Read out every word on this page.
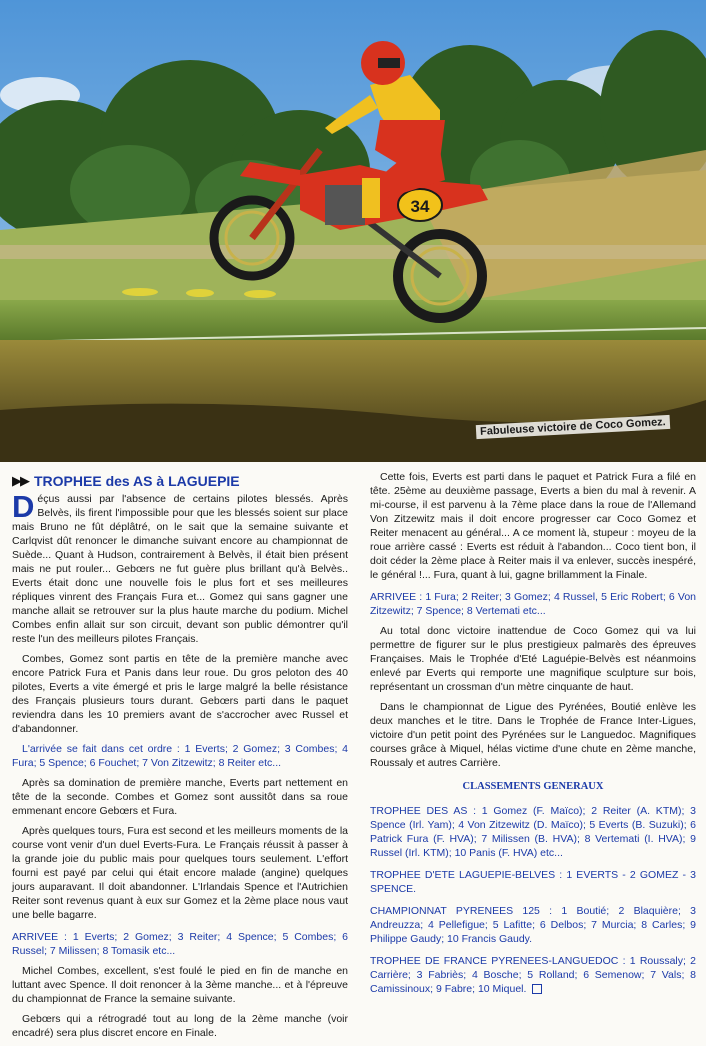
34
Fabuleuse victoire de Coco Gomez.
▶▶ TROPHEE des AS à LAGUEPIE

Déçus aussi par l'absence de certains pilotes blessés. Après Belvès, ils firent l'impossible pour que les blessés soient sur place mais Bruno ne fût déplâtré, on le sait que la semaine suivante et Carlqvist dût renoncer le dimanche suivant encore au championnat de Suède... Quant à Hudson, contrairement à Belvès, il était bien présent mais ne put rouler... Gebœrs ne fut guère plus brillant qu'à Belvès.. Everts était donc une nouvelle fois le plus fort et ses meilleures répliques vinrent des Français Fura et... Gomez qui sans gagner une manche allait se retrouver sur la plus haute marche du podium. Michel Combes enfin allait sur son circuit, devant son public démontrer qu'il reste l'un des meilleurs pilotes Français.

Combes, Gomez sont partis en tête de la première manche avec encore Patrick Fura et Panis dans leur roue. Du gros peloton des 40 pilotes, Everts a vite émergé et pris le large malgré la belle résistance des Français plusieurs tours durant. Gebœrs parti dans le paquet reviendra dans les 10 premiers avant de s'accrocher avec Russel et d'abandonner.

L'arrivée se fait dans cet ordre : 1 Everts; 2 Gomez; 3 Combes; 4 Fura; 5 Spence; 6 Fouchet; 7 Von Zitzewitz; 8 Reiter etc...

Après sa domination de première manche, Everts part nettement en tête de la seconde. Combes et Gomez sont aussitôt dans sa roue emmenant encore Gebœrs et Fura.

Après quelques tours, Fura est second et les meilleurs moments de la course vont venir d'un duel Everts-Fura. Le Français réussit à passer à la grande joie du public mais pour quelques tours seulement. L'effort fourni est payé par celui qui était encore malade (angine) quelques jours auparavant. Il doit abandonner. L'Irlandais Spence et l'Autrichien Reiter sont revenus quant à eux sur Gomez et la 2ème place nous vaut une belle bagarre.

ARRIVEE : 1 Everts; 2 Gomez; 3 Reiter; 4 Spence; 5 Combes; 6 Russel; 7 Milissen; 8 Tomasik etc...

Michel Combes, excellent, s'est foulé le pied en fin de manche en luttant avec Spence. Il doit renoncer à la 3ème manche... et à l'épreuve du championnat de France la semaine suivante.

Gebœrs qui a rétrogradé tout au long de la 2ème manche (voir encadré) sera plus discret encore en Finale.

Cette fois, Everts est parti dans le paquet et Patrick Fura a filé en tête. 25ème au deuxième passage, Everts a bien du mal à revenir. A mi-course, il est parvenu à la 7ème place dans la roue de l'Allemand Von Zitzewitz mais il doit encore progresser car Coco Gomez et Reiter menacent au général... A ce moment là, stupeur : moyeu de la roue arrière cassé : Everts est réduit à l'abandon... Coco tient bon, il doit céder la 2ème place à Reiter mais il va enlever, succès inespéré, le général !... Fura, quant à lui, gagne brillamment la Finale.

ARRIVEE : 1 Fura; 2 Reiter; 3 Gomez; 4 Russel, 5 Eric Robert; 6 Von Zitzewitz; 7 Spence; 8 Vertemati etc...

Au total donc victoire inattendue de Coco Gomez qui va lui permettre de figurer sur le plus prestigieux palmarès des épreuves Françaises. Mais le Trophée d'Eté Laguépie-Belvès est néanmoins enlevé par Everts qui remporte une magnifique sculpture sur bois, représentant un crossman d'un mètre cinquante de haut.

Dans le championnat de Ligue des Pyrénées, Boutié enlève les deux manches et le titre. Dans le Trophée de France Inter-Ligues, victoire d'un petit point des Pyrénées sur le Languedoc. Magnifiques courses grâce à Miquel, hélas victime d'une chute en 2ème manche, Roussaly et autres Carrière.

CLASSEMENTS GENERAUX

TROPHEE DES AS : 1 Gomez (F. Maïco); 2 Reiter (A. KTM); 3 Spence (Irl. Yam); 4 Von Zitzewitz (D. Maïco); 5 Everts (B. Suzuki); 6 Patrick Fura (F. HVA); 7 Milissen (B. HVA); 8 Vertemati (I. HVA); 9 Russel (Irl. KTM); 10 Panis (F. HVA) etc...

TROPHEE D'ETE LAGUEPIE-BELVES : 1 EVERTS - 2 GOMEZ - 3 SPENCE.

CHAMPIONNAT PYRENEES 125 : 1 Boutié; 2 Blaquière; 3 Andreuzza; 4 Pellefigue; 5 Lafitte; 6 Delbos; 7 Murcia; 8 Carles; 9 Philippe Gaudy; 10 Francis Gaudy.

TROPHEE DE FRANCE PYRENEES-LANGUEDOC : 1 Roussaly; 2 Carrière; 3 Fabriès; 4 Bosche; 5 Rolland; 6 Semenow; 7 Vals; 8 Camissinoux; 9 Fabre; 10 Miquel.
